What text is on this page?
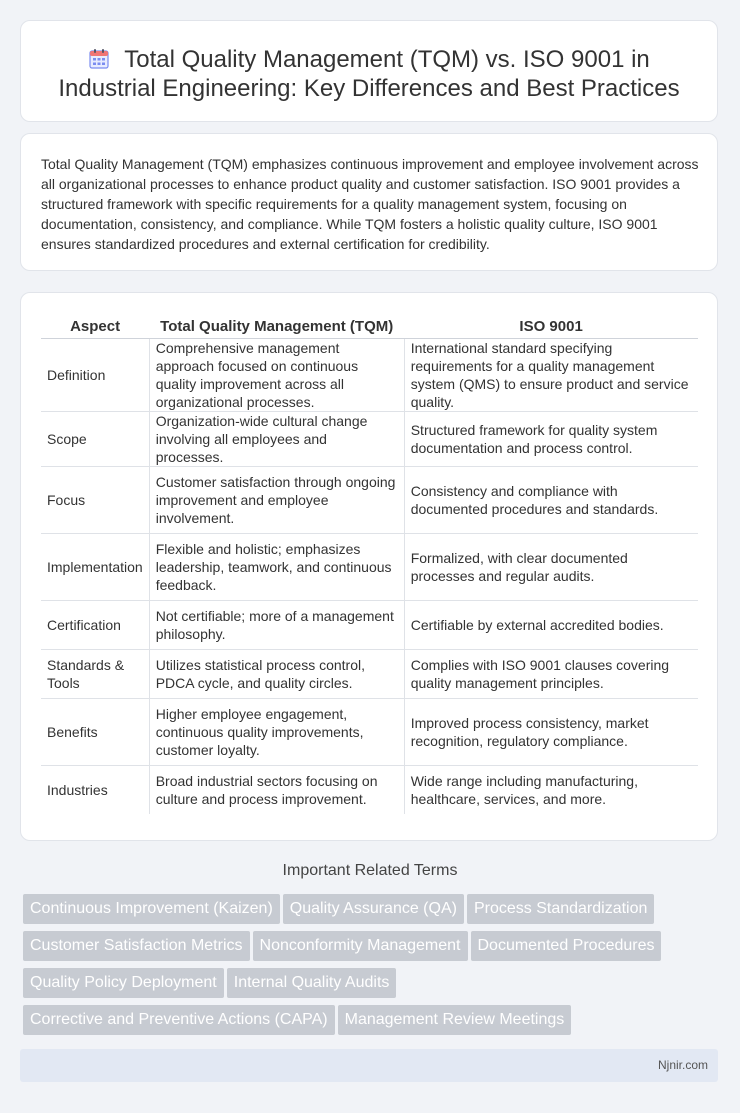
Total Quality Management (TQM) vs. ISO 9001 in
Industrial Engineering: Key Differences and Best Practices
Total Quality Management (TQM) emphasizes continuous improvement and employee involvement across all organizational processes to enhance product quality and customer satisfaction. ISO 9001 provides a structured framework with specific requirements for a quality management system, focusing on documentation, consistency, and compliance. While TQM fosters a holistic quality culture, ISO 9001 ensures standardized procedures and external certification for credibility.
Aspect	Total Quality Management (TQM)	ISO 9001
Definition	Comprehensive management approach focused on continuous quality improvement across all organizational processes.	International standard specifying requirements for a quality management system (QMS) to ensure product and service quality.
Scope	Organization-wide cultural change involving all employees and processes.	Structured framework for quality system documentation and process control.
Focus	Customer satisfaction through ongoing improvement and employee involvement.	Consistency and compliance with documented procedures and standards.
Implementation	Flexible and holistic; emphasizes leadership, teamwork, and continuous feedback.	Formalized, with clear documented processes and regular audits.
Certification	Not certifiable; more of a management philosophy.	Certifiable by external accredited bodies.
Standards & Tools	Utilizes statistical process control, PDCA cycle, and quality circles.	Complies with ISO 9001 clauses covering quality management principles.
Benefits	Higher employee engagement, continuous quality improvements, customer loyalty.	Improved process consistency, market recognition, regulatory compliance.
Industries	Broad industrial sectors focusing on culture and process improvement.	Wide range including manufacturing, healthcare, services, and more.
Important Related Terms
Continuous Improvement (Kaizen) Quality Assurance (QA) Process Standardization
Customer Satisfaction Metrics Nonconformity Management Documented Procedures
Quality Policy Deployment Internal Quality Audits
Corrective and Preventive Actions (CAPA) Management Review Meetings
Njnir.com
